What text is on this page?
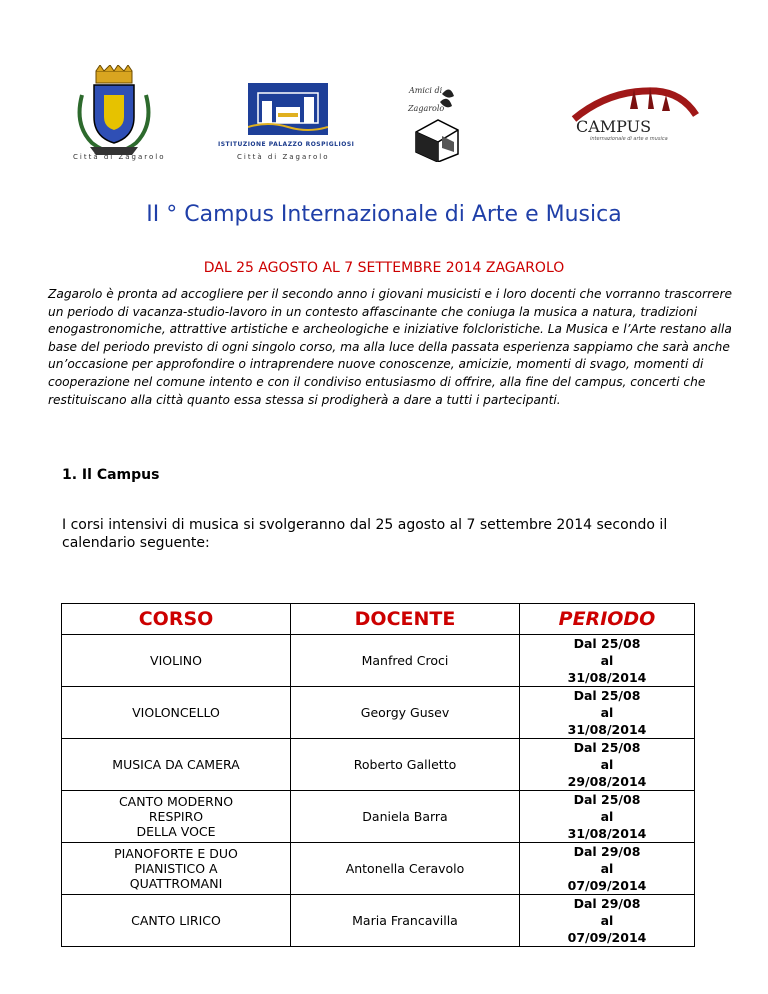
Città di Zagarolo
ISTITUZIONE PALAZZO ROSPIGLIOSI
Città di Zagarolo
Amici di
Zagarolo
CAMPUS
internazionale di arte e musica
II ° Campus Internazionale di Arte e Musica
DAL 25 AGOSTO AL 7 SETTEMBRE 2014 ZAGAROLO
Zagarolo è pronta ad accogliere per il secondo anno i giovani musicisti e i loro docenti che vorranno trascorrere un periodo di vacanza-studio-lavoro in un contesto affascinante che coniuga la musica a natura, tradizioni enogastronomiche, attrattive artistiche e archeologiche e iniziative folcloristiche. La Musica e l’Arte restano alla base del periodo previsto di ogni singolo corso, ma alla luce della passata esperienza sappiamo che sarà anche un’occasione per approfondire o intraprendere nuove conoscenze, amicizie, momenti di svago, momenti di cooperazione nel comune intento e con il condiviso entusiasmo di offrire, alla fine del campus, concerti che restituiscano alla città quanto essa stessa si prodigherà a dare a tutti i partecipanti.
1. Il Campus
I corsi intensivi di musica si svolgeranno dal 25 agosto al 7 settembre 2014 secondo il calendario seguente:
CORSO	DOCENTE	PERIODO
VIOLINO	Manfred Croci	Dal 25/08
al
31/08/2014
VIOLONCELLO	Georgy Gusev	Dal 25/08
al
31/08/2014
MUSICA DA CAMERA	Roberto Galletto	Dal 25/08
al
29/08/2014
CANTO MODERNO
RESPIRO
DELLA VOCE	Daniela Barra	Dal 25/08
al
31/08/2014
PIANOFORTE E DUO
PIANISTICO A
QUATTROMANI	Antonella Ceravolo	Dal 29/08
al
07/09/2014
CANTO LIRICO	Maria Francavilla	Dal 29/08
al
07/09/2014
